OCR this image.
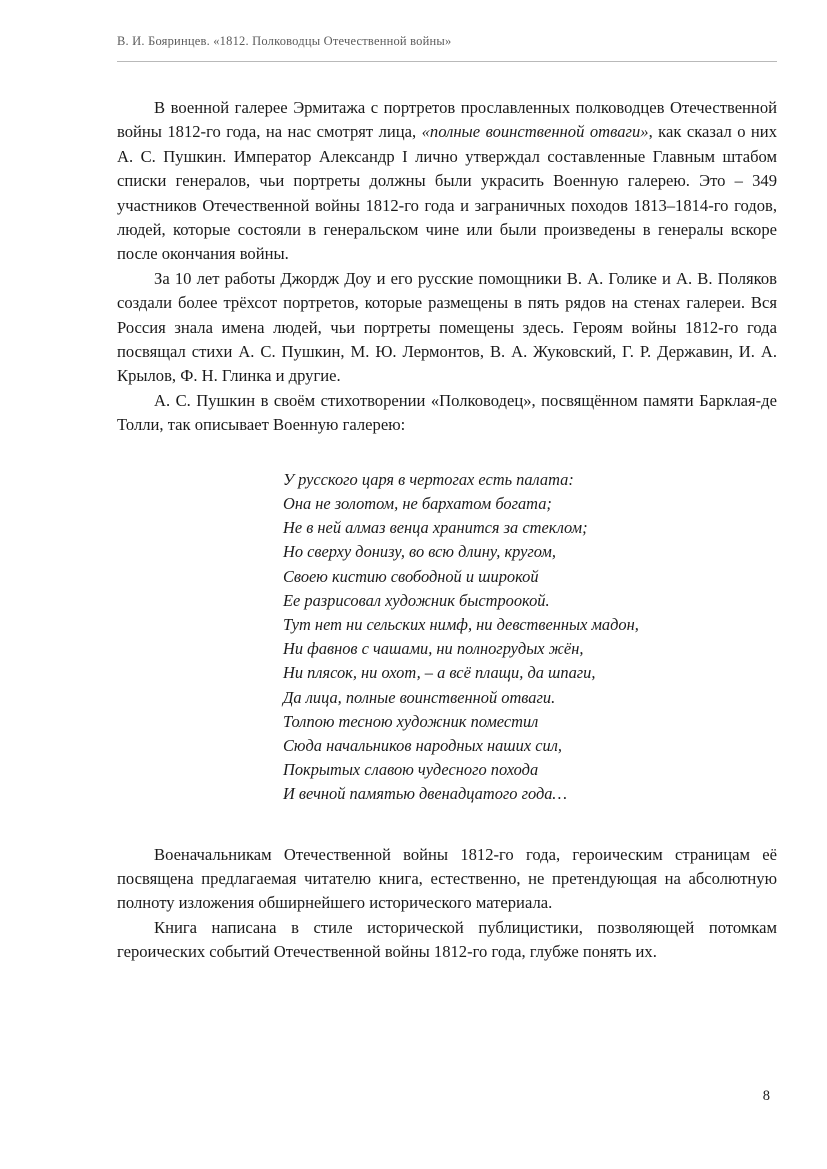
В. И. Бояринцев. «1812. Полководцы Отечественной войны»

В военной галерее Эрмитажа с портретов прославленных полководцев Отечественной войны 1812-го года, на нас смотрят лица, «полные воинственной отваги», как сказал о них А. С. Пушкин. Император Александр I лично утверждал составленные Главным штабом списки генералов, чьи портреты должны были украсить Военную галерею. Это – 349 участников Отечественной войны 1812-го года и заграничных походов 1813–1814-го годов, людей, которые состояли в генеральском чине или были произведены в генералы вскоре после окончания войны.

За 10 лет работы Джордж Доу и его русские помощники В. А. Голике и А. В. Поляков создали более трёхсот портретов, которые размещены в пять рядов на стенах галереи. Вся Россия знала имена людей, чьи портреты помещены здесь. Героям войны 1812-го года посвящал стихи А. С. Пушкин, М. Ю. Лермонтов, В. А. Жуковский, Г. Р. Державин, И. А. Крылов, Ф. Н. Глинка и другие.

А. С. Пушкин в своём стихотворении «Полководец», посвящённом памяти Барклая-де Толли, так описывает Военную галерею:

У русского царя в чертогах есть палата:
Она не золотом, не бархатом богата;
Не в ней алмаз венца хранится за стеклом;
Но сверху донизу, во всю длину, кругом,
Своею кистию свободной и широкой
Ее разрисовал художник быстроокой.
Тут нет ни сельских нимф, ни девственных мадон,
Ни фавнов с чашами, ни полногрудых жён,
Ни плясок, ни охот, – а всё плащи, да шпаги,
Да лица, полные воинственной отваги.
Толпою тесною художник поместил
Сюда начальников народных наших сил,
Покрытых славою чудесного похода
И вечной памятью двенадцатого года…

Военачальникам Отечественной войны 1812-го года, героическим страницам её посвящена предлагаемая читателю книга, естественно, не претендующая на абсолютную полноту изложения обширнейшего исторического материала.

Книга написана в стиле исторической публицистики, позволяющей потомкам героических событий Отечественной войны 1812-го года, глубже понять их.

8
